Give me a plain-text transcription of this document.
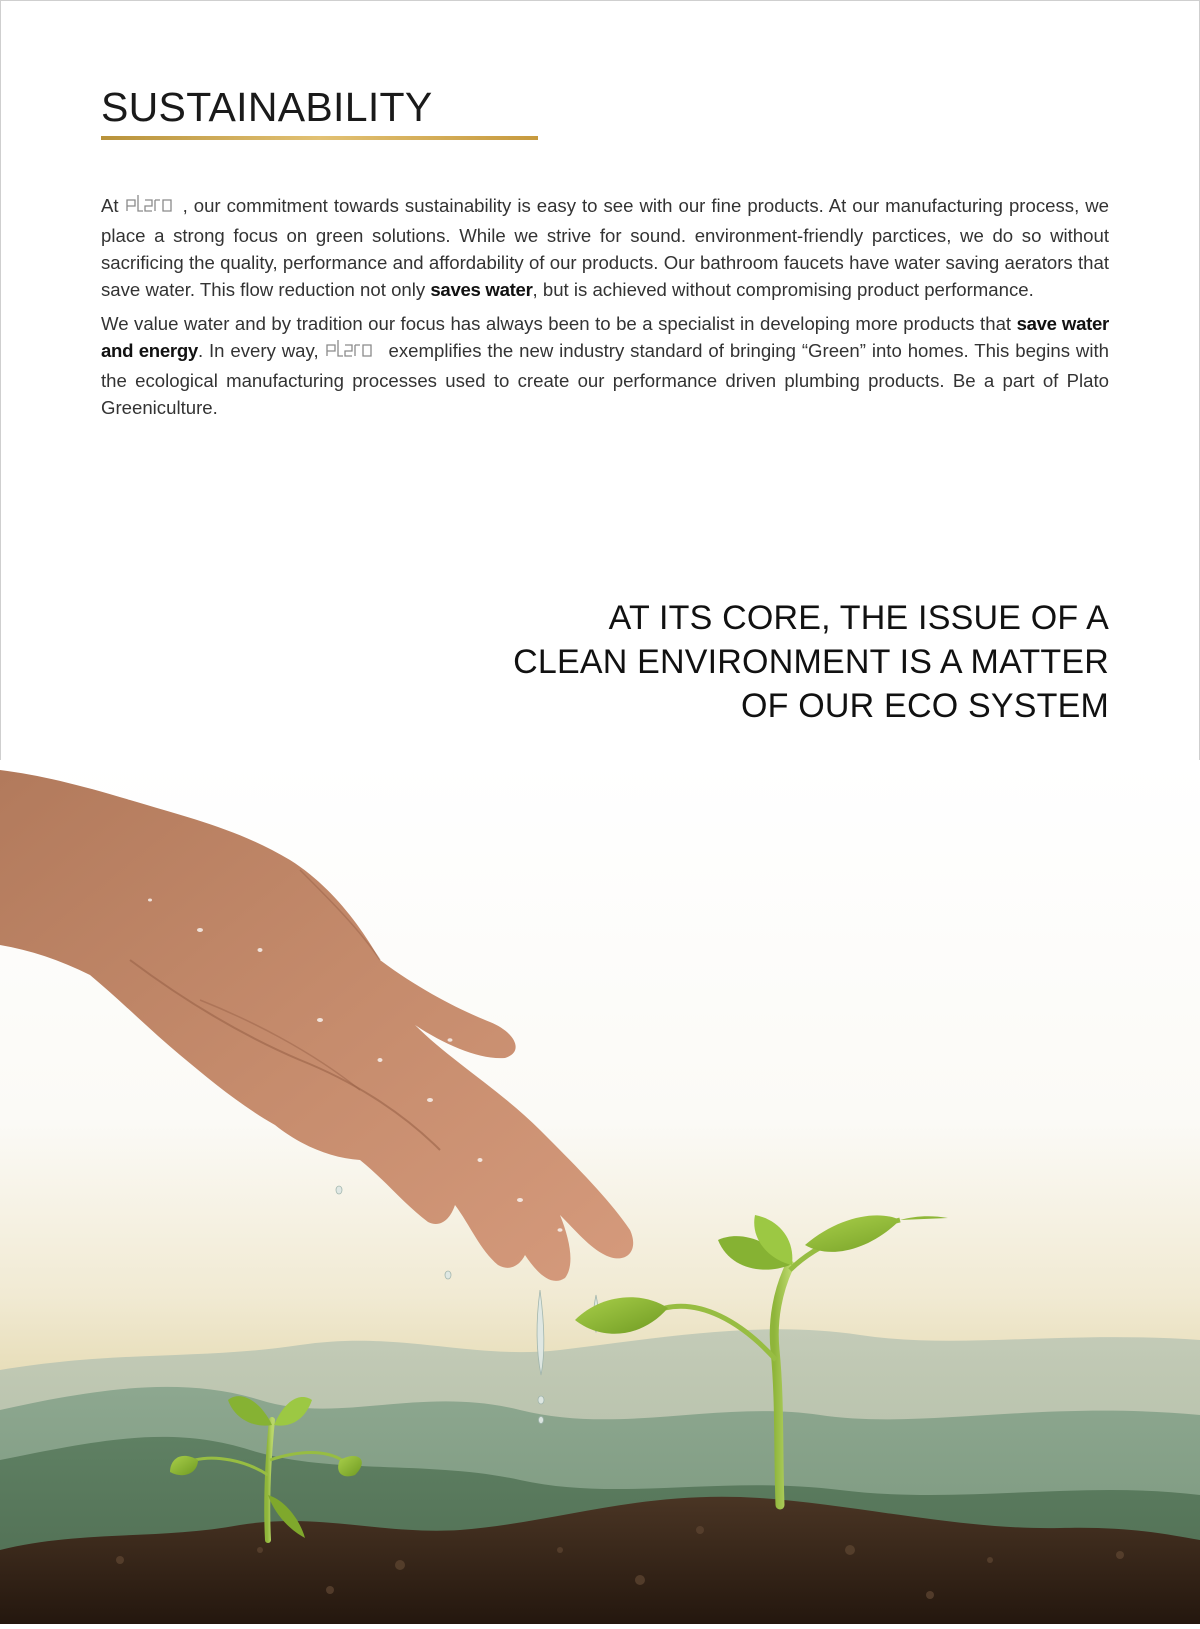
SUSTAINABILITY

At	, our commitment towards sustainability is easy to see with our fine products. At our manufacturing process, we place a strong focus on green solutions. While we strive for sound. environment-friendly parctices, we do so without sacrificing the quality, performance and affordability of our products. Our bathroom faucets have water saving aerators that save water. This flow reduction not only saves water, but is achieved without compromising product performance.

We value water and by tradition our focus has always been to be a specialist in developing more products that save water and energy. In every way,	exemplifies the new industry standard of bringing “Green” into homes. This begins with the ecological manufacturing processes used to create our performance driven plumbing products. Be a part of Plato Greeniculture.

AT ITS CORE, THE ISSUE OF A
CLEAN ENVIRONMENT IS A MATTER
OF OUR ECO SYSTEM
